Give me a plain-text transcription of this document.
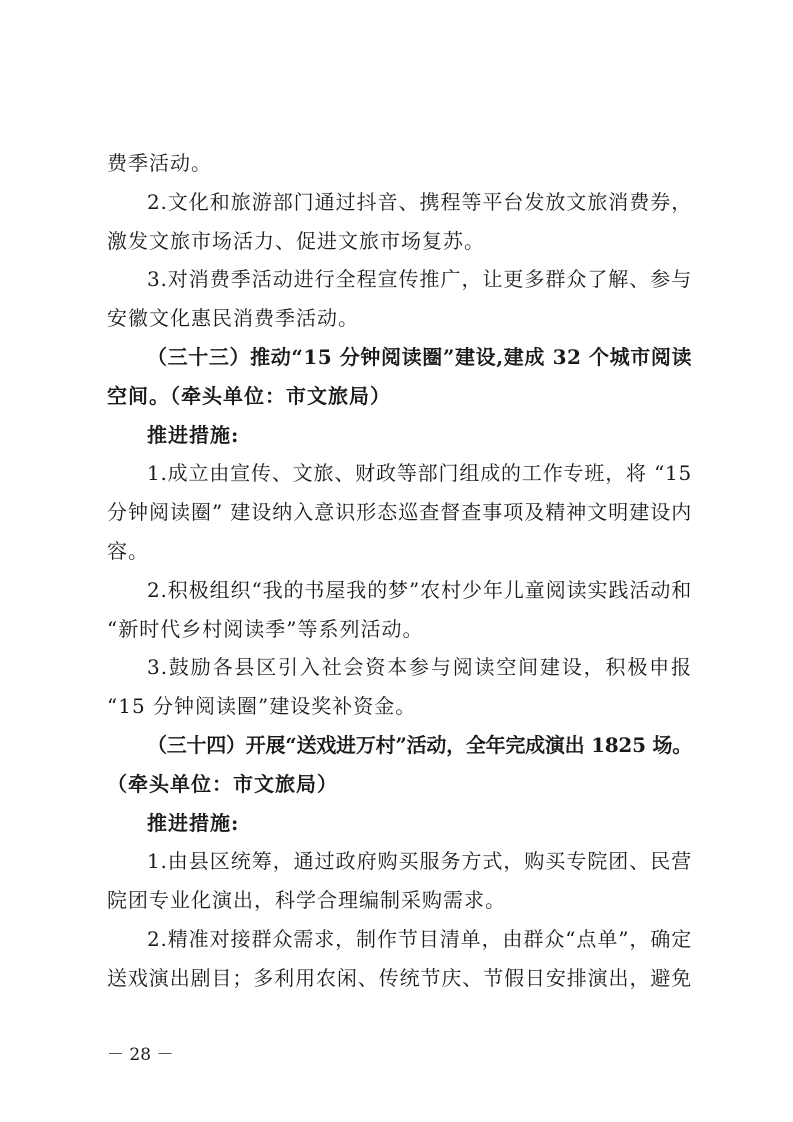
费季活动。
2.文化和旅游部门通过抖音、携程等平台发放文旅消费券，
激发文旅市场活力、促进文旅市场复苏。
3.对消费季活动进行全程宣传推广，让更多群众了解、参与
安徽文化惠民消费季活动。
（三十三）推动“15 分钟阅读圈”建设,建成 32 个城市阅读
空间。（牵头单位：市文旅局）
推进措施:
1.成立由宣传、文旅、财政等部门组成的工作专班，将 “15
分钟阅读圈” 建设纳入意识形态巡查督查事项及精神文明建设内
容。
2.积极组织“我的书屋我的梦”农村少年儿童阅读实践活动和
“新时代乡村阅读季”等系列活动。
3.鼓励各县区引入社会资本参与阅读空间建设，积极申报
“15 分钟阅读圈”建设奖补资金。
（三十四）开展“送戏进万村”活动，全年完成演出 1825 场。
（牵头单位：市文旅局）
推进措施:
1.由县区统筹，通过政府购买服务方式，购买专院团、民营
院团专业化演出，科学合理编制采购需求。
2.精准对接群众需求，制作节目清单，由群众“点单”，确定
送戏演出剧目；多利用农闲、传统节庆、节假日安排演出，避免
－ 28 －
